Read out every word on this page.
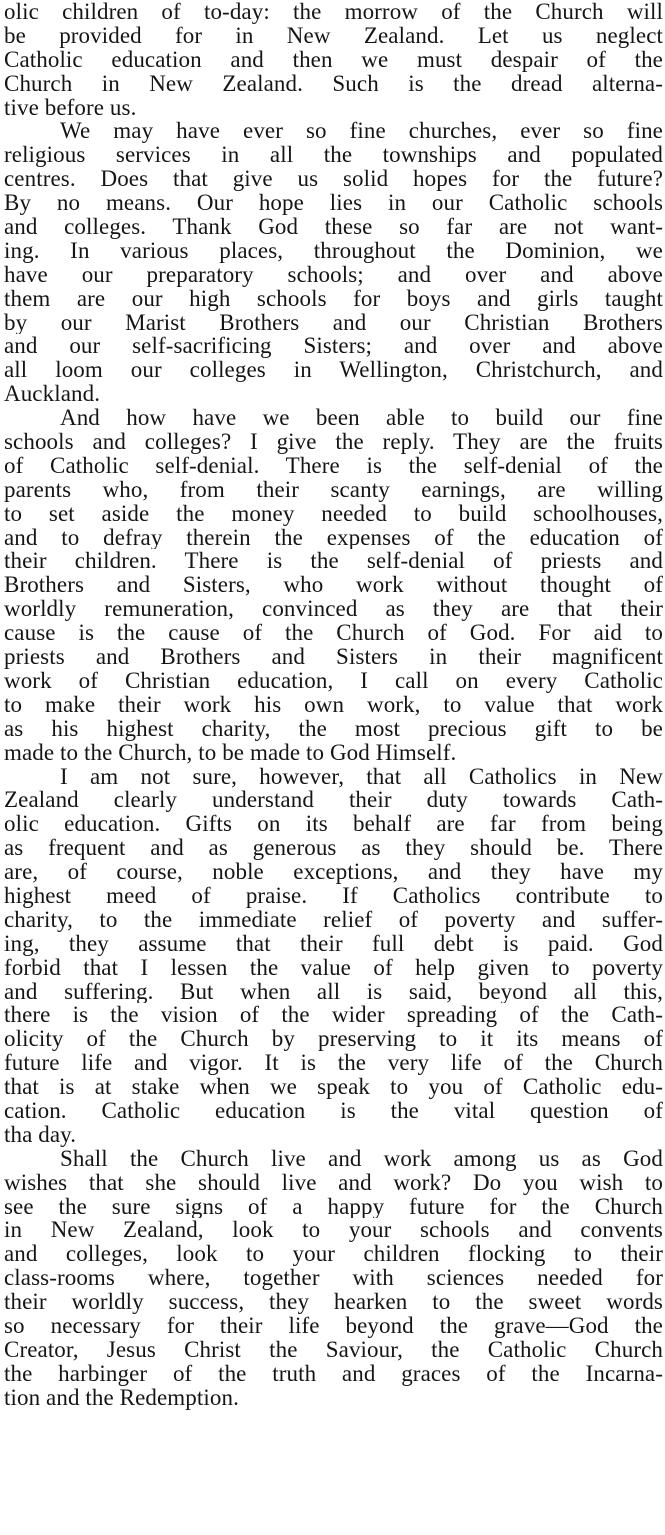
olic children of to-day: the morrow of the Church will
be provided for in New Zealand. Let us neglect
Catholic education and then we must despair of the
Church in New Zealand. Such is the dread alterna-
tive before us.
We may have ever so fine churches, ever so fine
religious services in all the townships and populated
centres. Does that give us solid hopes for the future?
By no means. Our hope lies in our Catholic schools
and colleges. Thank God these so far are not want-
ing. In various places, throughout the Dominion, we
have our preparatory schools; and over and above
them are our high schools for boys and girls taught
by our Marist Brothers and our Christian Brothers
and our self-sacrificing Sisters; and over and above
all loom our colleges in Wellington, Christchurch, and
Auckland.
And how have we been able to build our fine
schools and colleges? I give the reply. They are the fruits
of Catholic self-denial. There is the self-denial of the
parents who, from their scanty earnings, are willing
to set aside the money needed to build schoolhouses,
and to defray therein the expenses of the education of
their children. There is the self-denial of priests and
Brothers and Sisters, who work without thought of
worldly remuneration, convinced as they are that their
cause is the cause of the Church of God. For aid to
priests and Brothers and Sisters in their magnificent
work of Christian education, I call on every Catholic
to make their work his own work, to value that work
as his highest charity, the most precious gift to be
made to the Church, to be made to God Himself.
I am not sure, however, that all Catholics in New
Zealand clearly understand their duty towards Cath-
olic education. Gifts on its behalf are far from being
as frequent and as generous as they should be. There
are, of course, noble exceptions, and they have my
highest meed of praise. If Catholics contribute to
charity, to the immediate relief of poverty and suffer-
ing, they assume that their full debt is paid. God
forbid that I lessen the value of help given to poverty
and suffering. But when all is said, beyond all this,
there is the vision of the wider spreading of the Cath-
olicity of the Church by preserving to it its means of
future life and vigor. It is the very life of the Church
that is at stake when we speak to you of Catholic edu-
cation. Catholic education is the vital question of
tha day.
Shall the Church live and work among us as God
wishes that she should live and work? Do you wish to
see the sure signs of a happy future for the Church
in New Zealand, look to your schools and convents
and colleges, look to your children flocking to their
class-rooms where, together with sciences needed for
their worldly success, they hearken to the sweet words
so necessary for their life beyond the grave—God the
Creator, Jesus Christ the Saviour, the Catholic Church
the harbinger of the truth and graces of the Incarna-
tion and the Redemption.
